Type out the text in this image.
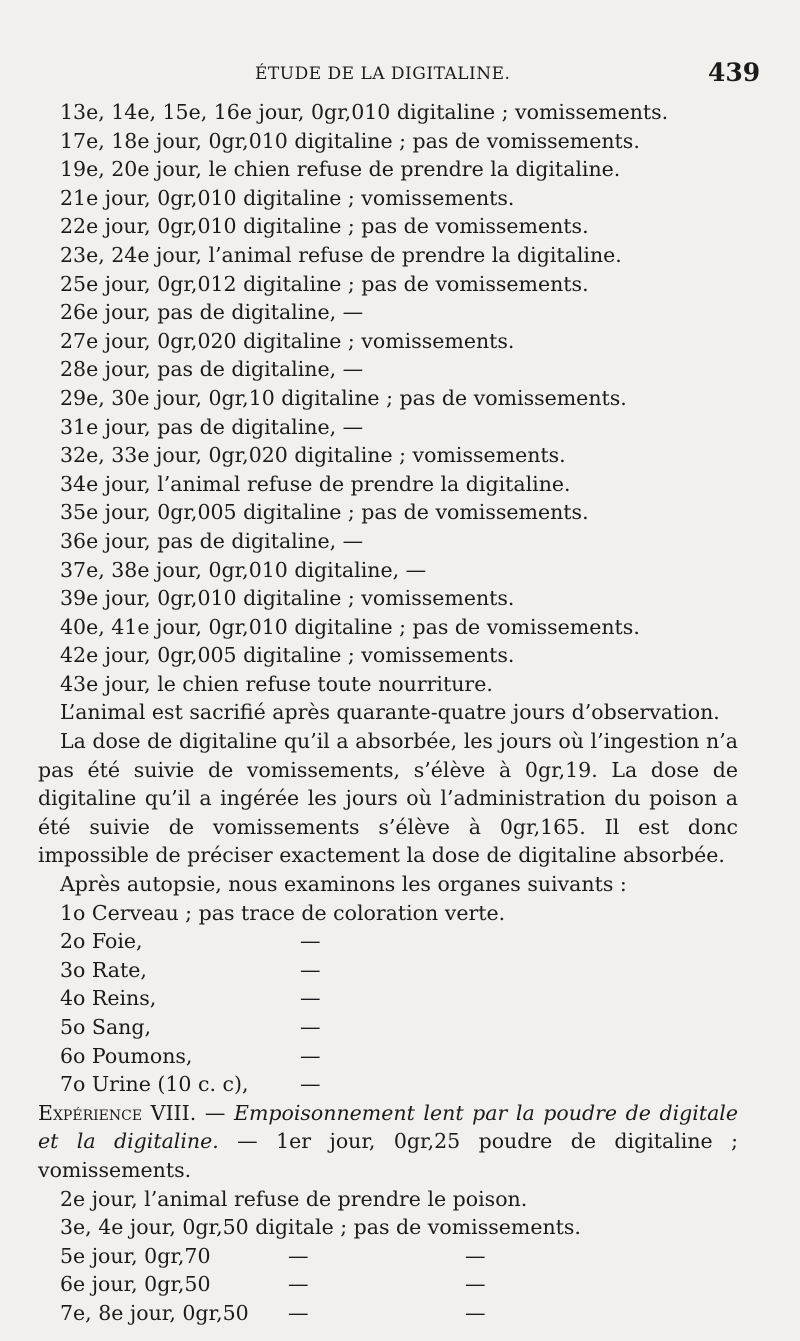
ÉTUDE DE LA DIGITALINE.	439
13e, 14e, 15e, 16e jour, 0gr,010 digitaline ; vomissements.
17e, 18e jour, 0gr,010 digitaline ; pas de vomissements.
19e, 20e jour, le chien refuse de prendre la digitaline.
21e jour, 0gr,010 digitaline ; vomissements.
22e jour, 0gr,010 digitaline ; pas de vomissements.
23e, 24e jour, l’animal refuse de prendre la digitaline.
25e jour, 0gr,012 digitaline ; pas de vomissements.
26e jour, pas de digitaline, —
27e jour, 0gr,020 digitaline ; vomissements.
28e jour, pas de digitaline, —
29e, 30e jour, 0gr,10 digitaline ; pas de vomissements.
31e jour, pas de digitaline, —
32e, 33e jour, 0gr,020 digitaline ; vomissements.
34e jour, l’animal refuse de prendre la digitaline.
35e jour, 0gr,005 digitaline ; pas de vomissements.
36e jour, pas de digitaline, —
37e, 38e jour, 0gr,010 digitaline, —
39e jour, 0gr,010 digitaline ; vomissements.
40e, 41e jour, 0gr,010 digitaline ; pas de vomissements.
42e jour, 0gr,005 digitaline ; vomissements.
43e jour, le chien refuse toute nourriture.

L’animal est sacrifié après quarante-quatre jours d’observation.

La dose de digitaline qu’il a absorbée, les jours où l’ingestion n’a pas été suivie de vomissements, s’élève à 0gr,19. La dose de digitaline qu’il a ingérée les jours où l’administration du poison a été suivie de vomissements s’élève à 0gr,165. Il est donc impossible de préciser exactement la dose de digitaline absorbée.

Après autopsie, nous examinons les organes suivants :

1o Cerveau ; pas trace de coloration verte.
2o Foie,	—
3o Rate,	—
4o Reins,	—
5o Sang,	—
6o Poumons,	—
7o Urine (10 c. c),	—
Expérience VIII. — Empoisonnement lent par la poudre de digitale et la digitaline. — 1er jour, 0gr,25 poudre de digitaline ; vomissements.
2e jour, l’animal refuse de prendre le poison.
3e, 4e jour, 0gr,50 digitale ; pas de vomissements.
5e jour, 0gr,70	—	—
6e jour, 0gr,50	—	—
7e, 8e jour, 0gr,50 —	—
